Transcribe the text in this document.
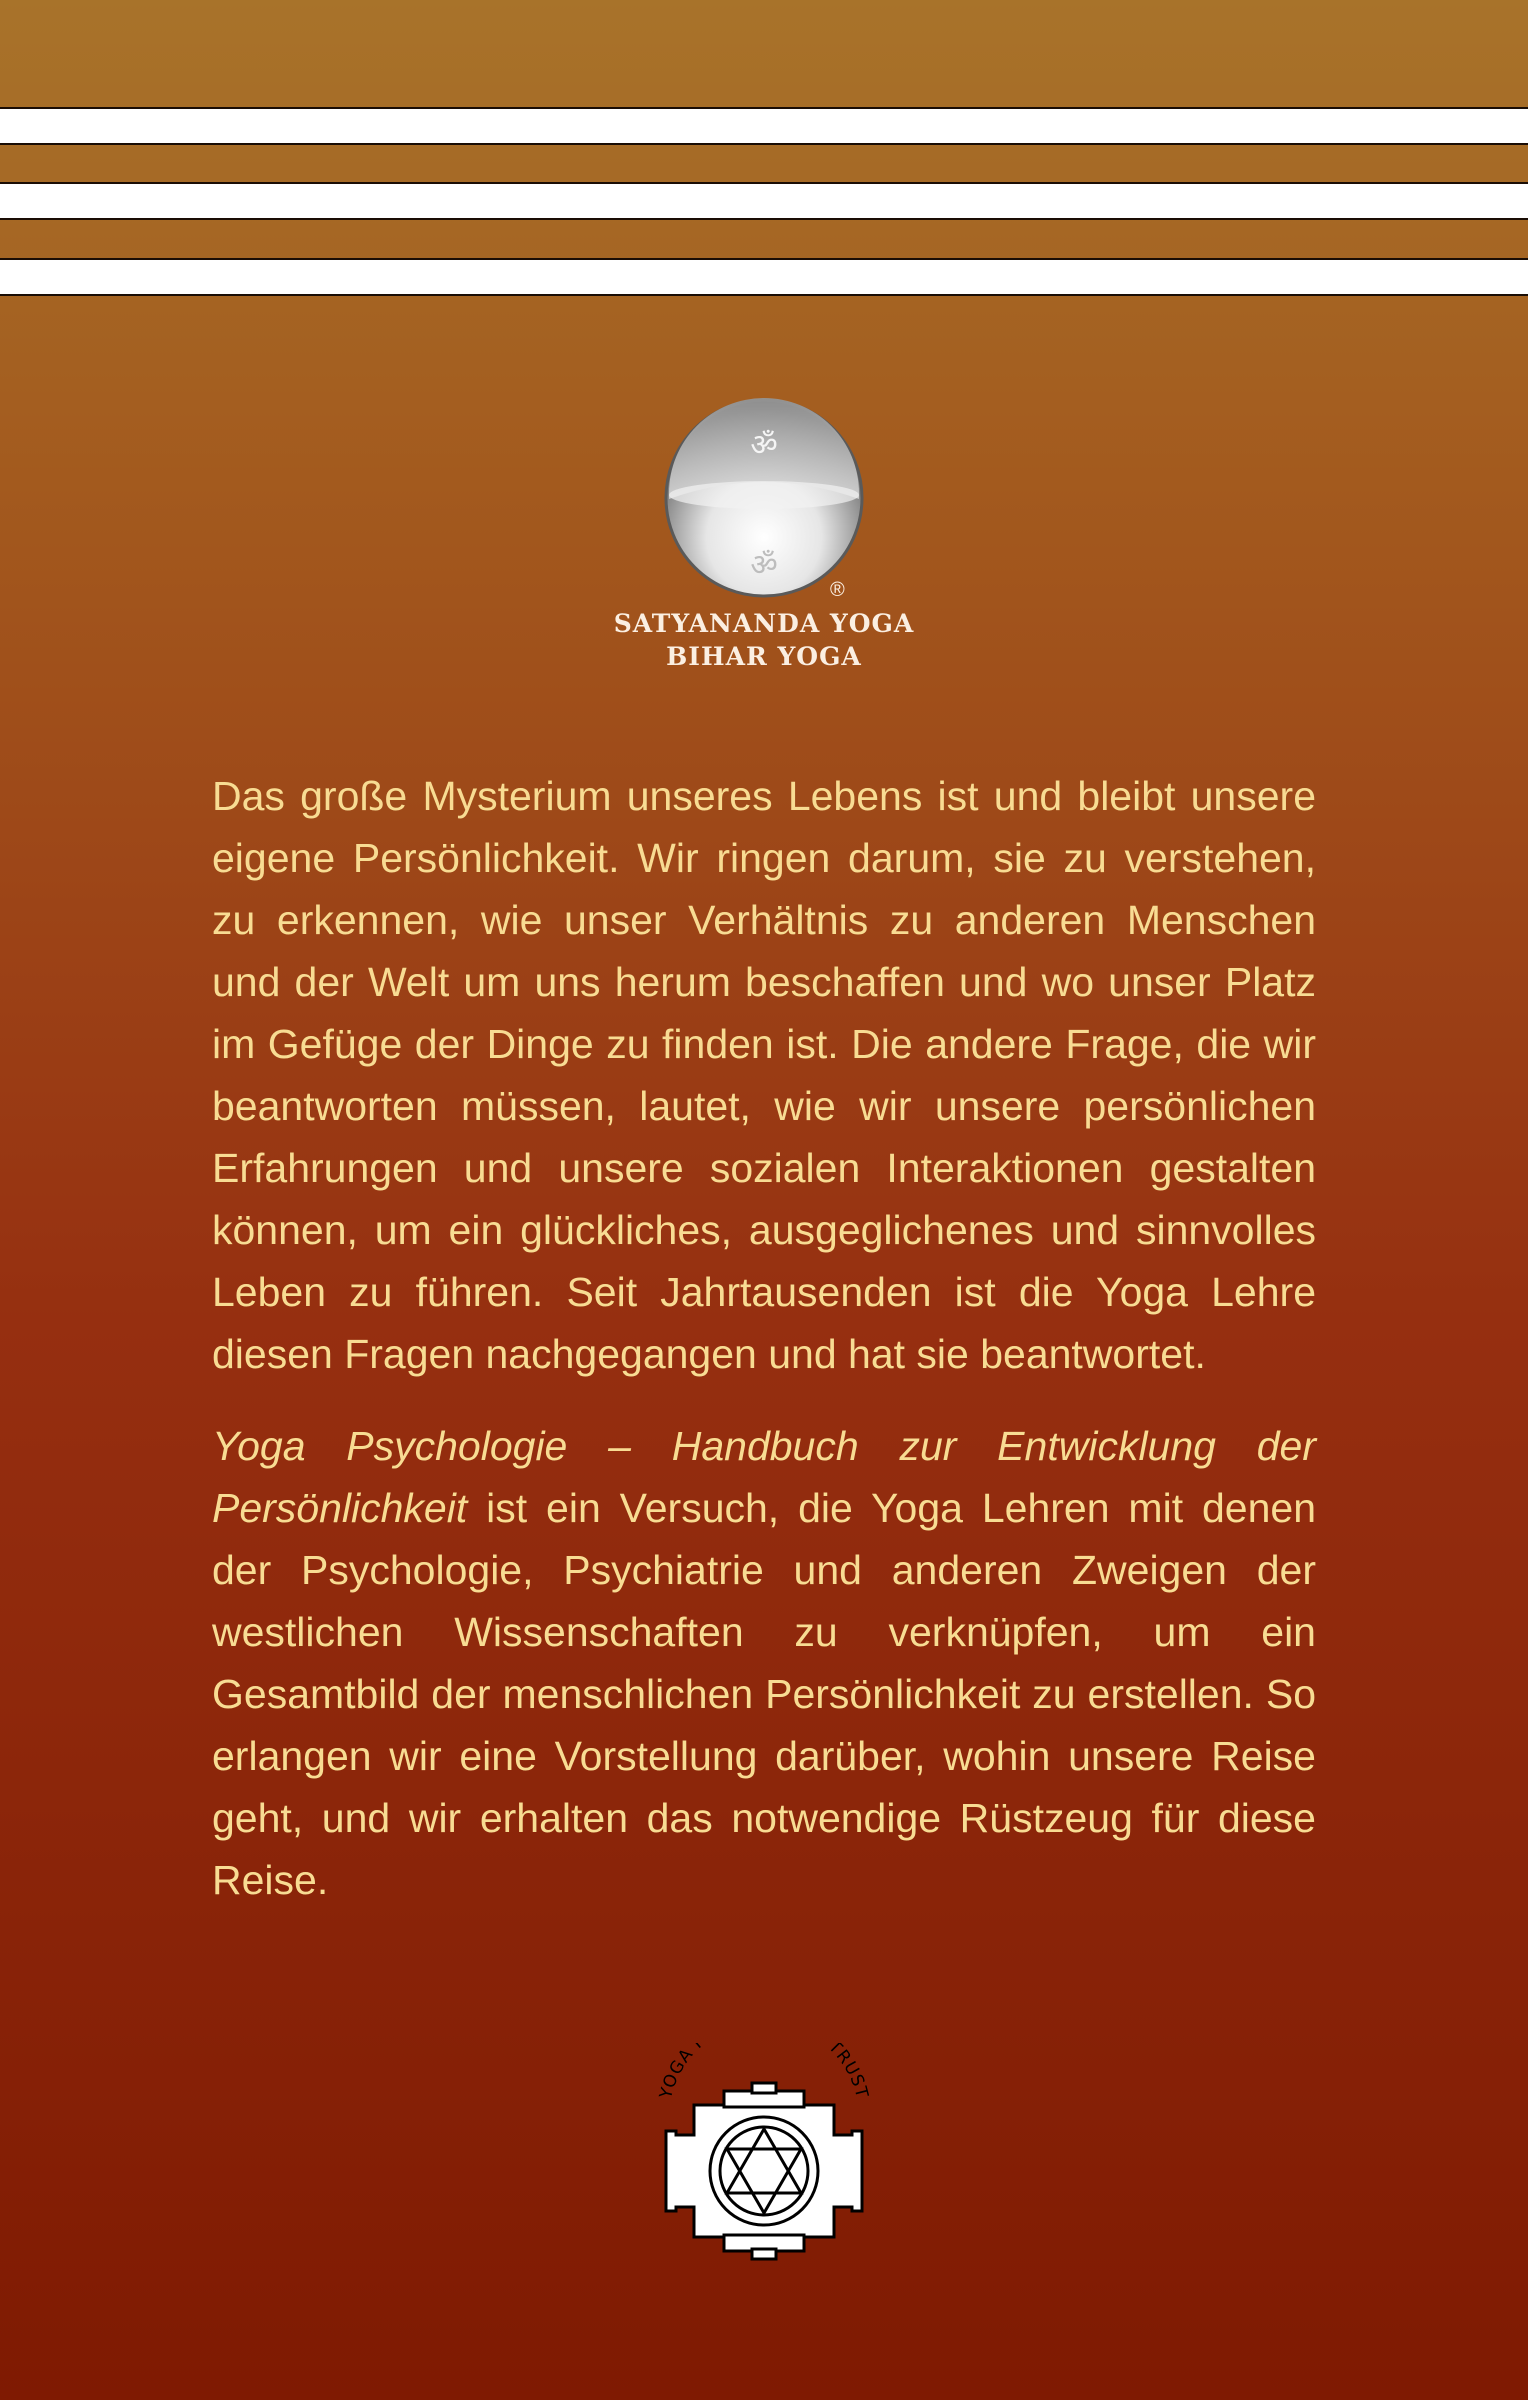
ॐ
ॐ
®
SATYANANDA YOGA
BIHAR YOGA

Das große Mysterium unseres Lebens ist und bleibt unsere eigene Persönlichkeit. Wir ringen darum, sie zu verstehen, zu erkennen, wie unser Verhältnis zu anderen Menschen und der Welt um uns herum beschaffen und wo unser Platz im Gefüge der Dinge zu finden ist. Die andere Frage, die wir beantworten müssen, lautet, wie wir unsere persönlichen Erfahrungen und unsere sozialen Interaktionen gestalten können, um ein glückliches, ausgeglichenes und sinnvolles Leben zu führen. Seit Jahrtausenden ist die Yoga Lehre diesen Fragen nachgegangen und hat sie beantwortet.

Yoga Psychologie – Handbuch zur Entwicklung der Persönlichkeit ist ein Versuch, die Yoga Lehren mit denen der Psychologie, Psychiatrie und anderen Zweigen der westlichen Wissenschaften zu verknüpfen, um ein Gesamtbild der menschlichen Persönlichkeit zu erstellen. So erlangen wir eine Vorstellung darüber, wohin unsere Reise geht, und wir erhalten das notwendige Rüstzeug für diese Reise.

YOGA TRUST
